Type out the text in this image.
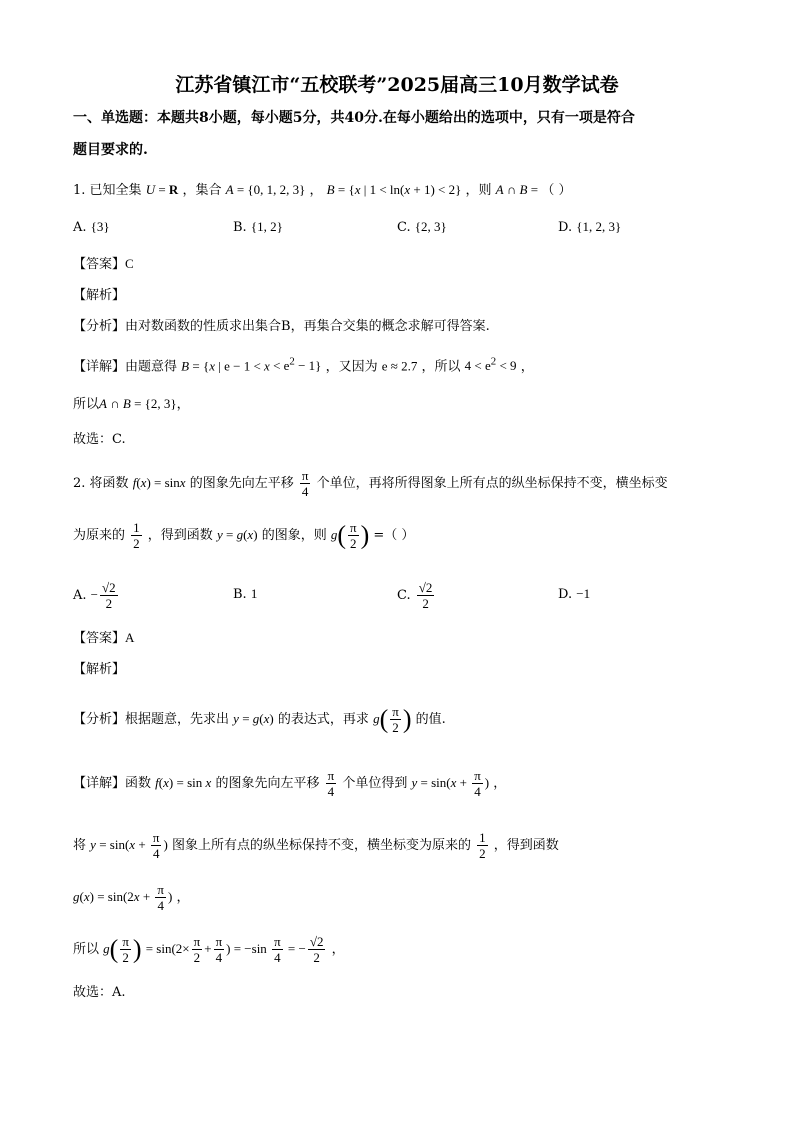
江苏省镇江市“五校联考”2025届高三10月数学试卷
一、单选题：本题共8小题，每小题5分，共40分.在每小题给出的选项中，只有一项是符合
题目要求的.
1. 已知全集 U = R ，集合 A = {0, 1, 2, 3} ， B = {x | 1 < ln(x + 1) < 2} ，则 A ∩ B = （ ）
A. {3}	B. {1, 2}	C. {2, 3}	D. {1, 2, 3}
【答案】C
【解析】
【分析】由对数函数的性质求出集合B，再集合交集的概念求解可得答案.
【详解】由题意得 B = {x | $e - 1 < x < e^2 - 1$} ，又因为 e ≈ 2.7 ，所以 $4 < e^2 < 9$ ，
所以A ∩ B = {2, 3}，
故选：C.
2. 将函数 f(x) = sinx 的图象先向左平移 $\frac{\pi}{4}$ 个单位，再将所得图象上所有点的纵坐标保持不变，横坐标变
为原来的 $\frac{1}{2}$ ，得到函数 y = g(x) 的图象，则 $g( \frac{\pi}{2}$ ) =（ ）
A. − $\frac{√2}{2}$	B. 1	C. $\frac{√2}{2}$	D. −1
【答案】A
【解析】
【分析】根据题意，先求出 y = g(x) 的表达式，再求 $g( \frac{\pi}{2}$ ) 的值.
【详解】函数 f(x) = sin x 的图象先向左平移 $\frac{\pi}{4}$ 个单位得到 $y = \sin(x + \frac{\pi}{4}$ ) ，
将 $y = \sin(x + \frac{\pi}{4}$ ) 图象上所有点的纵坐标保持不变，横坐标变为原来的 $\frac{1}{2}$ ，得到函数
$g(x) = \sin(2x + \frac{\pi}{4}$ ) ，
所以 $g( \frac{\pi}{2}$ ) = $\sin(2\times \frac{\pi}{2} + \frac{\pi}{4}$ ) = $-\sin \frac{\pi}{4}$ = − $\frac{√2}{2}$ ，
故选：A.
